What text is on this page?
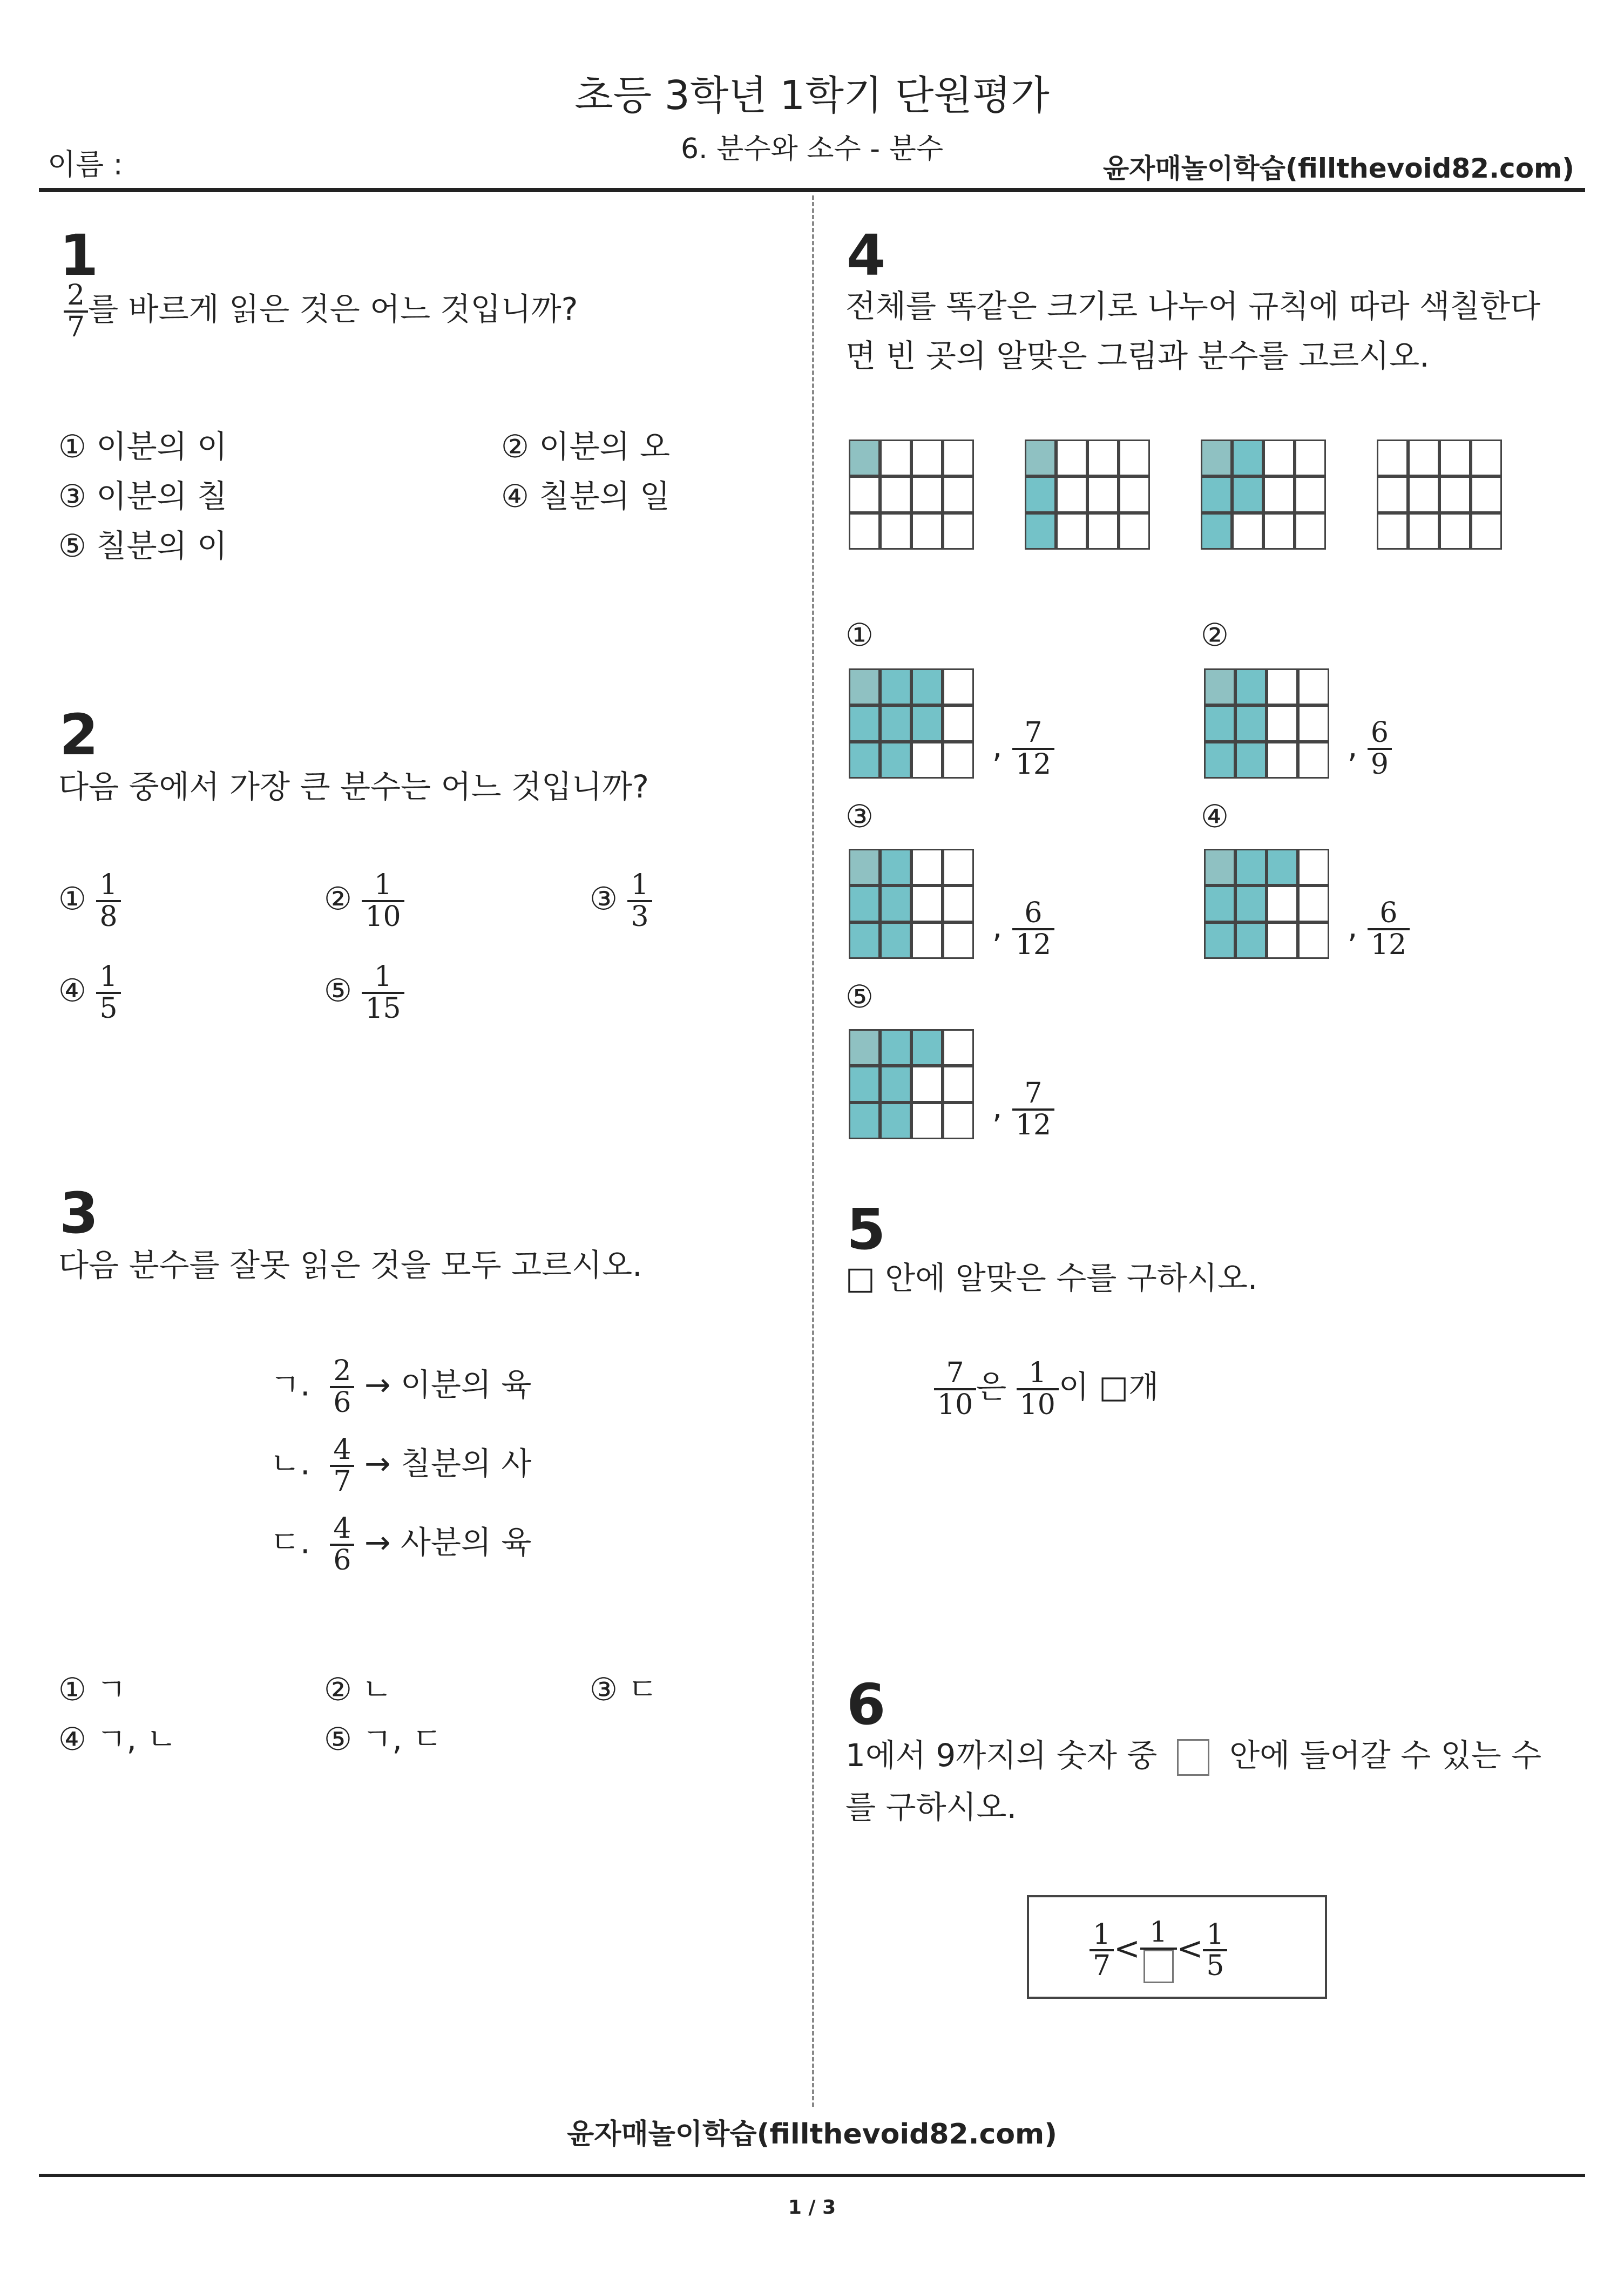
초등 3학년 1학기 단원평가
6. 분수와 소수 - 분수
이름 :	윤자매놀이학습(fillthevoid82.com)
1
$\frac{2}{7}$ 를 바르게 읽은 것은 어느 것입니까?
① 이분의 이	② 이분의 오
③ 이분의 칠	④ 칠분의 일
⑤ 칠분의 이
2
다음 중에서 가장 큰 분수는 어느 것입니까?
① $\frac{1}{8}$	② $\frac{1}{10}$	③ $\frac{1}{3}$
④ $\frac{1}{5}$	⑤ $\frac{1}{15}$
3
다음 분수를 잘못 읽은 것을 모두 고르시오.
ㄱ. $\frac{2}{6}$ → 이분의 육
ㄴ. $\frac{4}{7}$ → 칠분의 사
ㄷ. $\frac{4}{6}$ → 사분의 육
① ㄱ	② ㄴ	③ ㄷ
④ ㄱ, ㄴ	⑤ ㄱ, ㄷ
4
전체를 똑같은 크기로 나누어 규칙에 따라 색칠한다
면 빈 곳의 알맞은 그림과 분수를 고르시오.
①
, $\frac{7}{12}$
②
, $\frac{6}{9}$
③
, $\frac{6}{12}$
④
, $\frac{6}{12}$
⑤
, $\frac{7}{12}$
5
□ 안에 알맞은 수를 구하시오.
$\frac{7}{10}$ 은 $\frac{1}{10}$ 이 □개
6
1에서 9까지의 숫자 중 안에 들어갈 수 있는 수
를 구하시오.
$\frac{1}{7} < 1 < \frac{1}{5}$
윤자매놀이학습(fillthevoid82.com)
1 / 3
